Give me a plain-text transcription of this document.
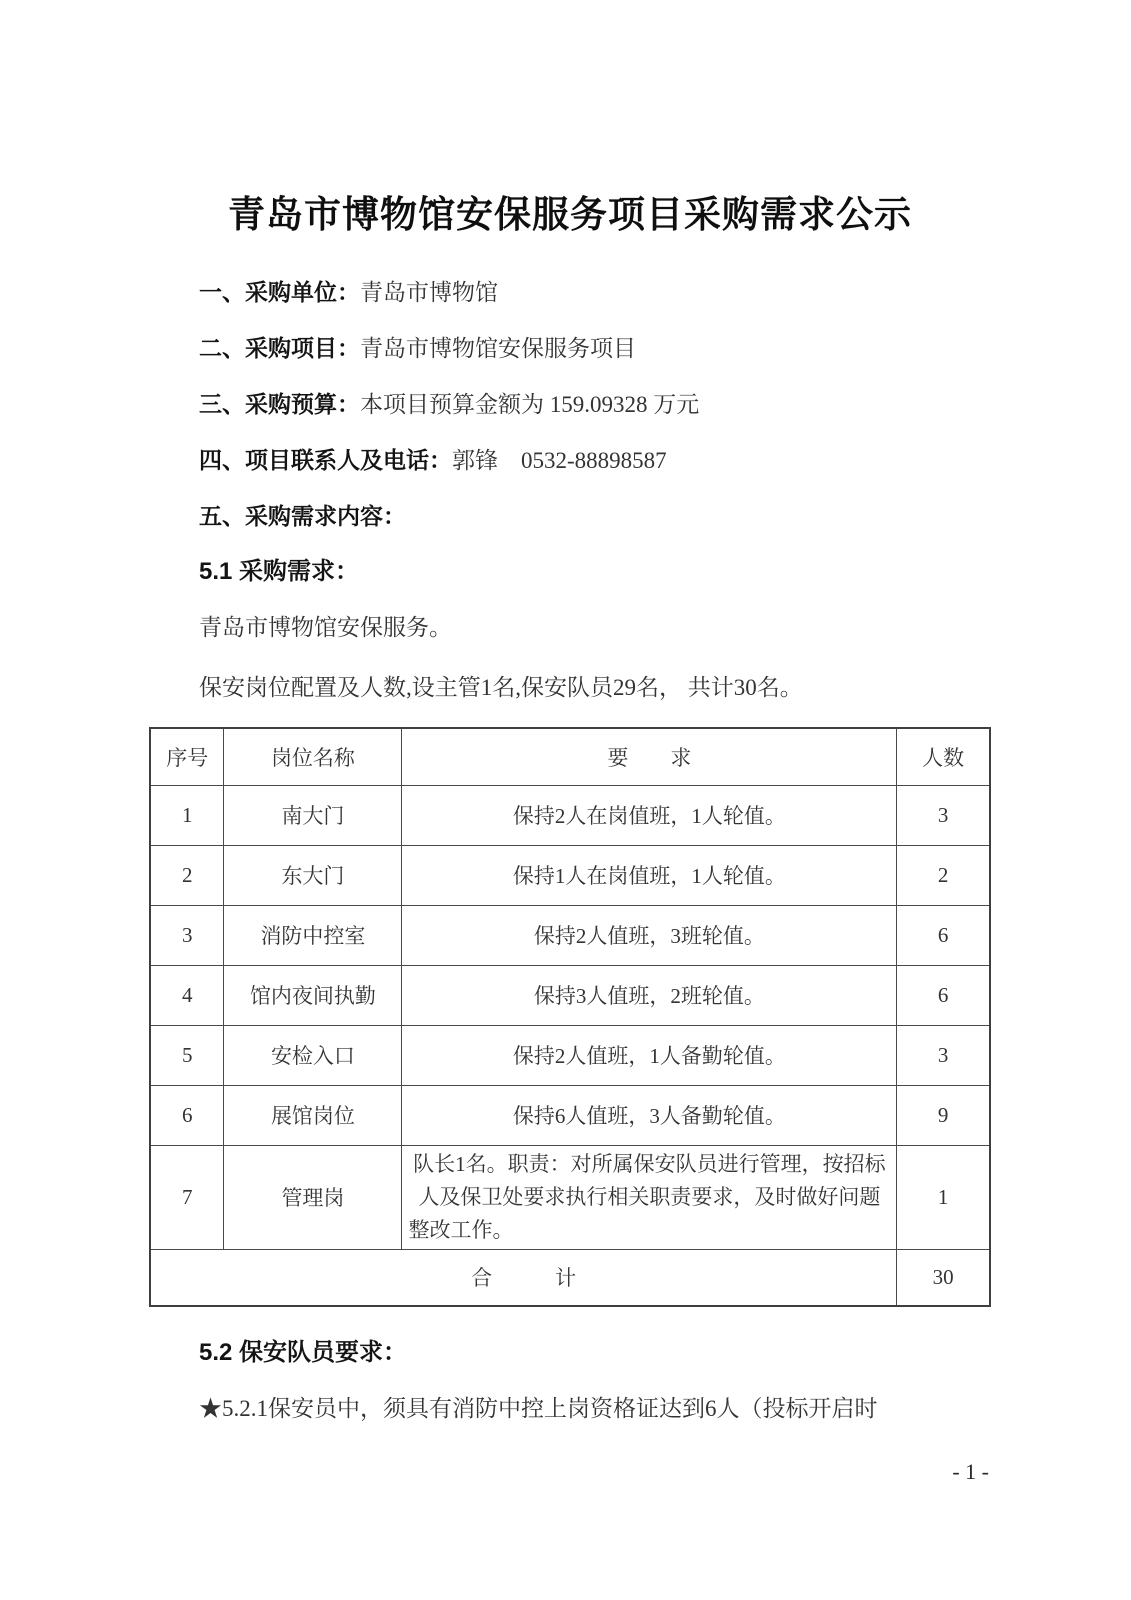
青岛市博物馆安保服务项目采购需求公示

一、采购单位：青岛市博物馆

二、采购项目：青岛市博物馆安保服务项目

三、采购预算：本项目预算金额为 159.09328 万元

四、项目联系人及电话：郭锋　0532-88898587

五、采购需求内容：

5.1 采购需求：

青岛市博物馆安保服务。

保安岗位配置及人数,设主管1名,保安队员29名， 共计30名。

序号	岗位名称	要　　求	人数
1	南大门	保持2人在岗值班，1人轮值。	3
2	东大门	保持1人在岗值班，1人轮值。	2
3	消防中控室	保持2人值班，3班轮值。	6
4	馆内夜间执勤	保持3人值班，2班轮值。	6
5	安检入口	保持2人值班，1人备勤轮值。	3
6	展馆岗位	保持6人值班，3人备勤轮值。	9
7	管理岗	队长1名。职责：对所属保安队员进行管理，按招标人及保卫处要求执行相关职责要求，及时做好问题整改工作。	1
合　　　计			30

5.2 保安队员要求：

★5.2.1保安员中，须具有消防中控上岗资格证达到6人（投标开启时

- 1 -
